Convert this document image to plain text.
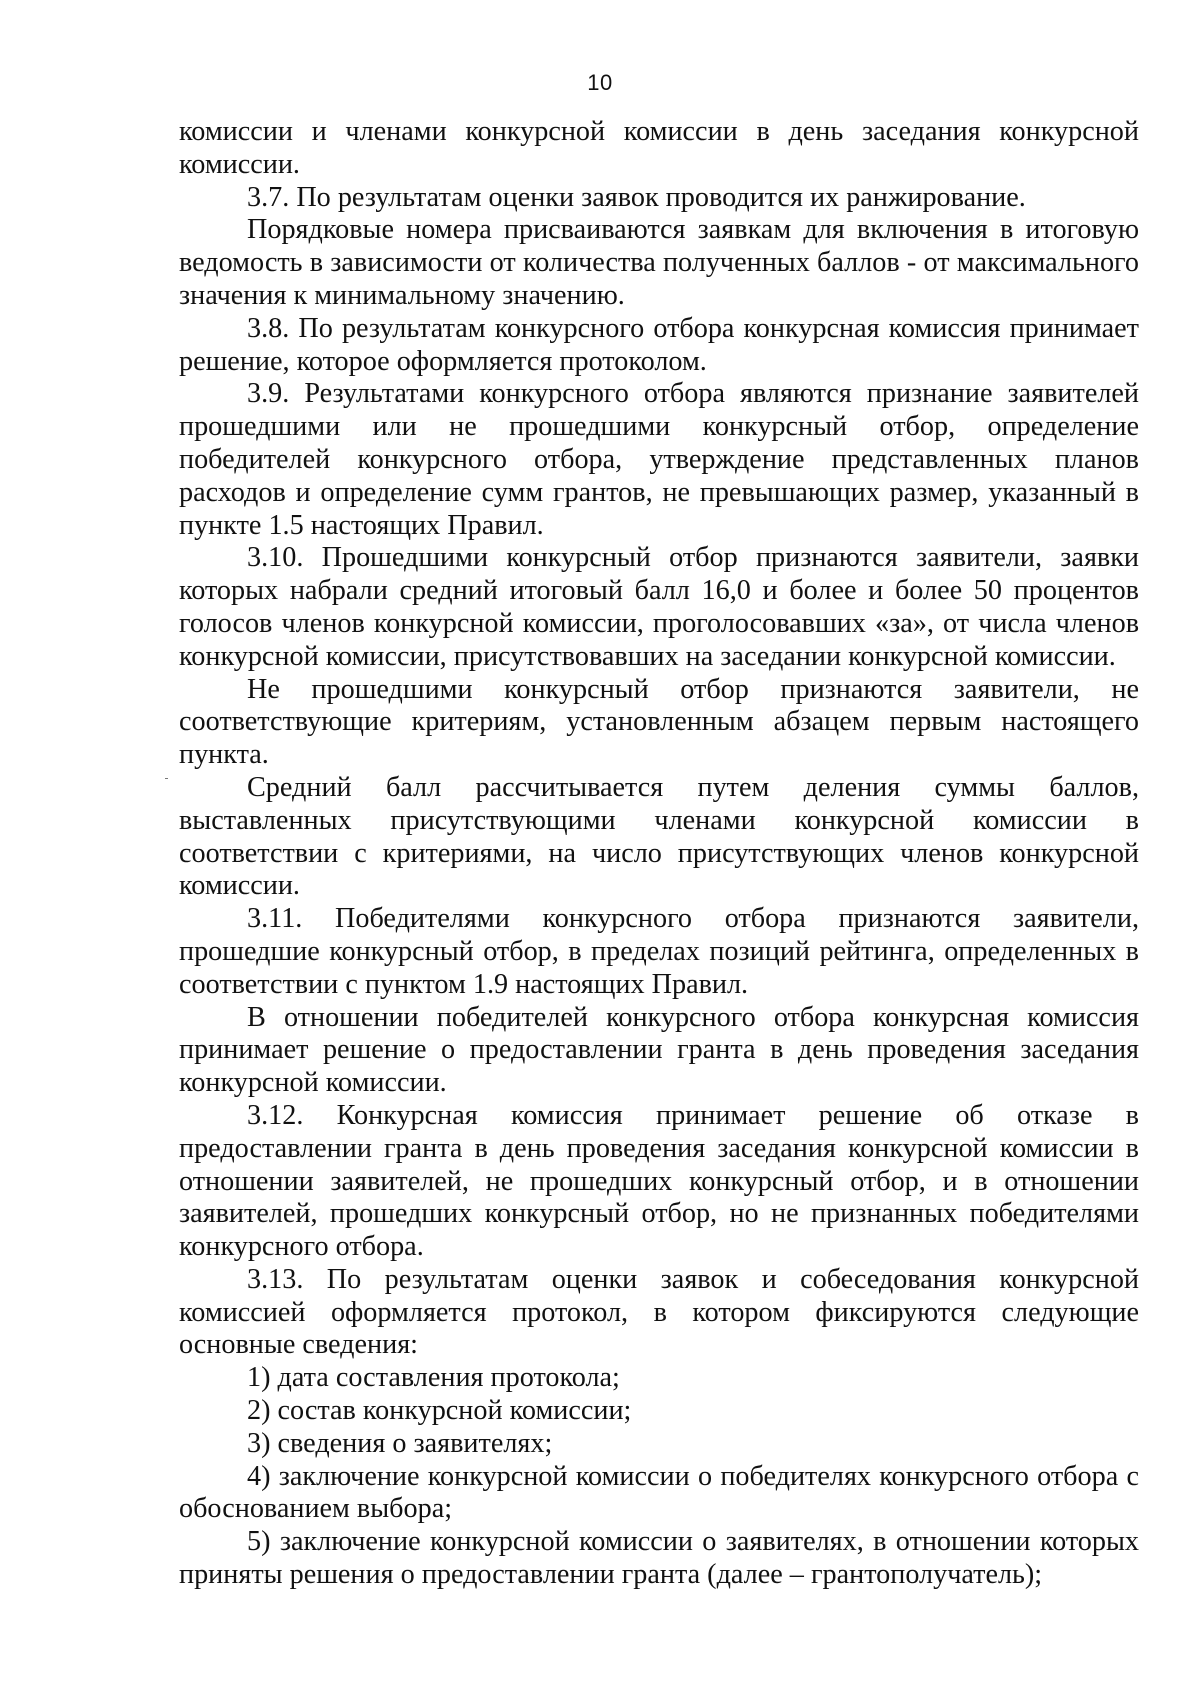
10

комиссии и членами конкурсной комиссии в день заседания конкурсной комиссии.

3.7. По результатам оценки заявок проводится их ранжирование.

Порядковые номера присваиваются заявкам для включения в итоговую ведомость в зависимости от количества полученных баллов - от максимального значения к минимальному значению.

3.8. По результатам конкурсного отбора конкурсная комиссия принимает решение, которое оформляется протоколом.

3.9. Результатами конкурсного отбора являются признание заявителей прошедшими или не прошедшими конкурсный отбор, определение победителей конкурсного отбора, утверждение представленных планов расходов и определение сумм грантов, не превышающих размер, указанный в пункте 1.5 настоящих Правил.

3.10. Прошедшими конкурсный отбор признаются заявители, заявки которых набрали средний итоговый балл 16,0 и более и более 50 процентов голосов членов конкурсной комиссии, проголосовавших «за», от числа членов конкурсной комиссии, присутствовавших на заседании конкурсной комиссии.

Не прошедшими конкурсный отбор признаются заявители, не соответствующие критериям, установленным абзацем первым настоящего пункта.

Средний балл рассчитывается путем деления суммы баллов, выставленных присутствующими членами конкурсной комиссии в соответствии с критериями, на число присутствующих членов конкурсной комиссии.

3.11. Победителями конкурсного отбора признаются заявители, прошедшие конкурсный отбор, в пределах позиций рейтинга, определенных в соответствии с пунктом 1.9 настоящих Правил.

В отношении победителей конкурсного отбора конкурсная комиссия принимает решение о предоставлении гранта в день проведения заседания конкурсной комиссии.

3.12. Конкурсная комиссия принимает решение об отказе в предоставлении гранта в день проведения заседания конкурсной комиссии в отношении заявителей, не прошедших конкурсный отбор, и в отношении заявителей, прошедших конкурсный отбор, но не признанных победителями конкурсного отбора.

3.13. По результатам оценки заявок и собеседования конкурсной комиссией оформляется протокол, в котором фиксируются следующие основные сведения:

1) дата составления протокола;

2) состав конкурсной комиссии;

3) сведения о заявителях;

4) заключение конкурсной комиссии о победителях конкурсного отбора с обоснованием выбора;

5) заключение конкурсной комиссии о заявителях, в отношении которых приняты решения о предоставлении гранта (далее – грантополучатель);
